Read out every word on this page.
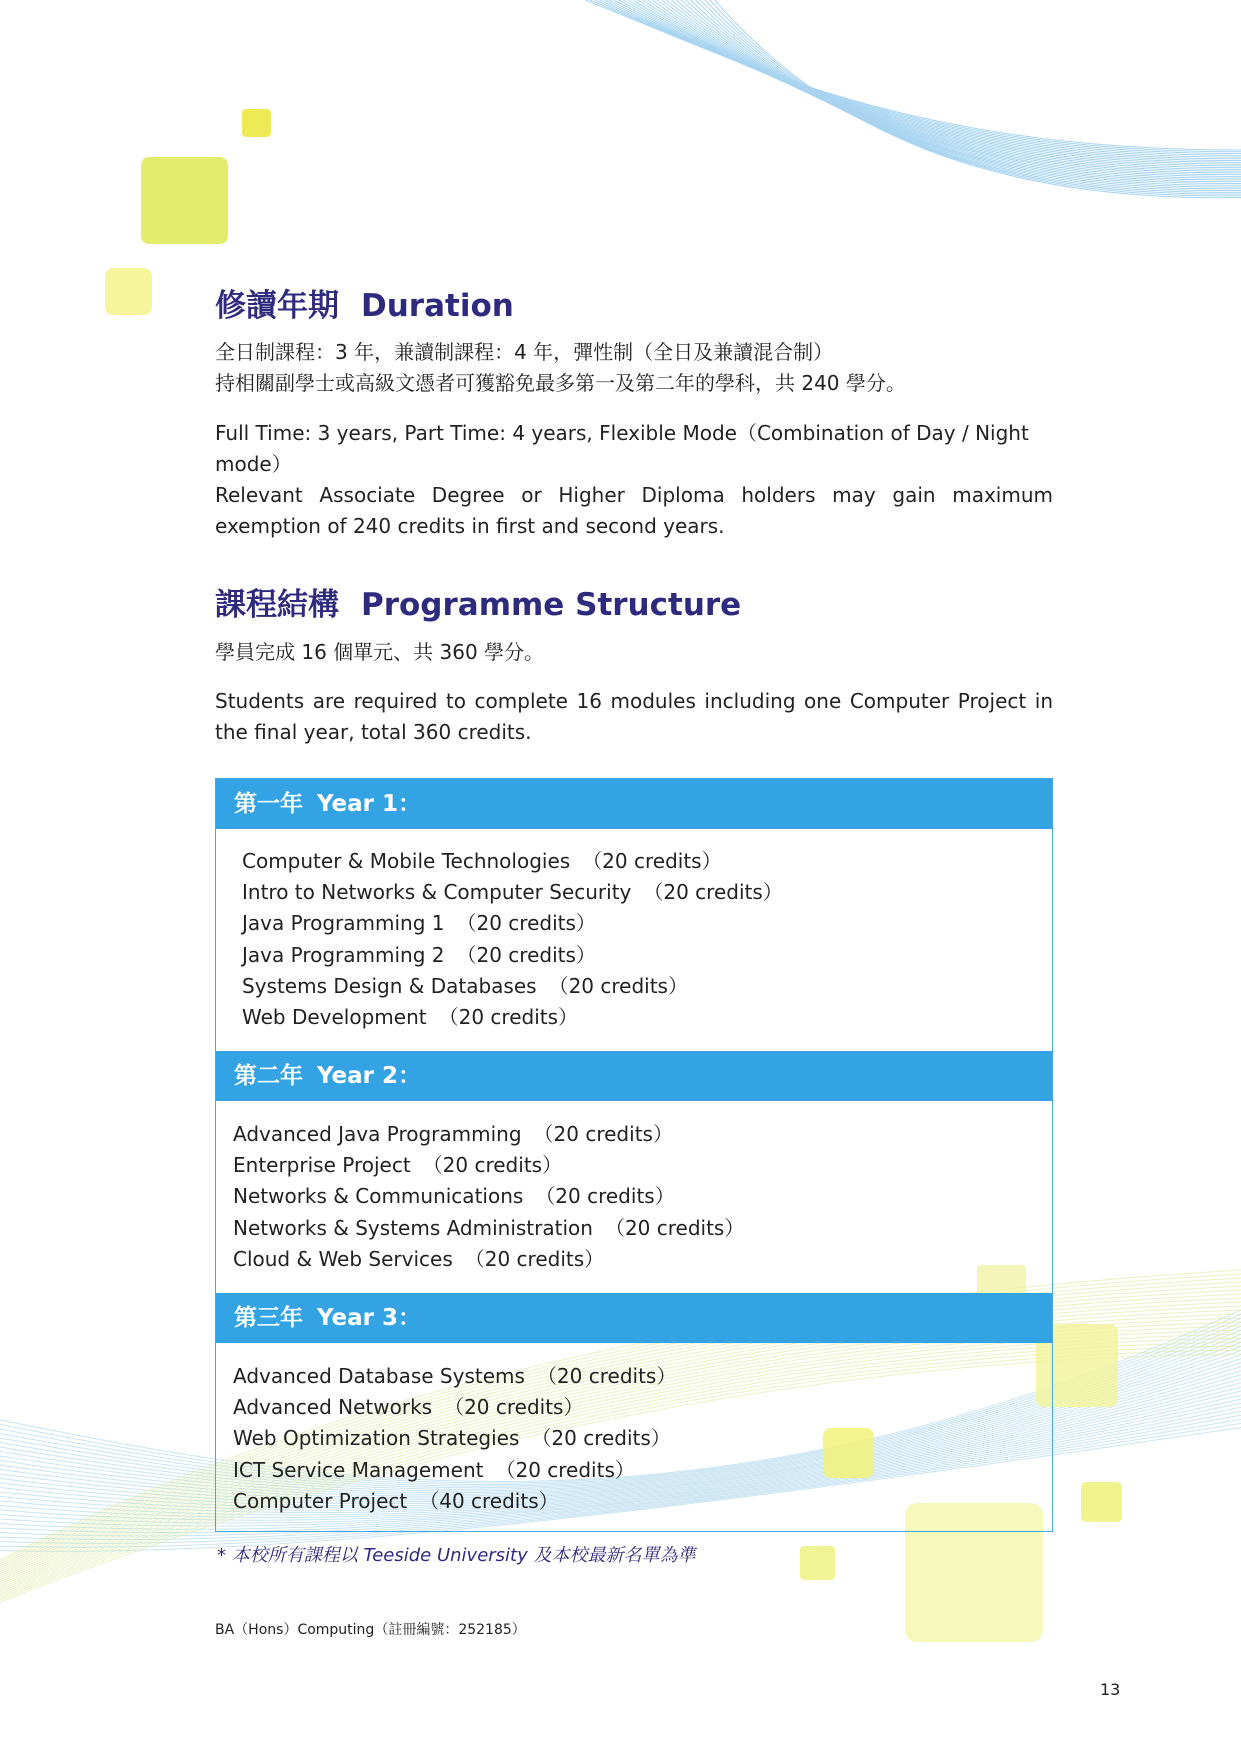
修讀年期 Duration

全日制課程：3 年，兼讀制課程：4 年，彈性制（全日及兼讀混合制）

持相關副學士或高級文憑者可獲豁免最多第一及第二年的學科，共 240 學分。

Full Time: 3 years, Part Time: 4 years, Flexible Mode（Combination of Day / Night mode）

Relevant Associate Degree or Higher Diploma holders may gain maximum exemption of 240 credits in first and second years.

課程結構 Programme Structure

學員完成 16 個單元、共 360 學分。

Students are required to complete 16 modules including one Computer Project in the final year, total 360 credits.

第一年 Year 1：
Computer & Mobile Technologies （20 credits）
Intro to Networks & Computer Security （20 credits）
Java Programming 1 （20 credits）
Java Programming 2 （20 credits）
Systems Design & Databases （20 credits）
Web Development （20 credits）
第二年 Year 2：
Advanced Java Programming （20 credits）
Enterprise Project （20 credits）
Networks & Communications （20 credits）
Networks & Systems Administration （20 credits）
Cloud & Web Services （20 credits）
第三年 Year 3：
Advanced Database Systems （20 credits）
Advanced Networks （20 credits）
Web Optimization Strategies （20 credits）
ICT Service Management （20 credits）
Computer Project （40 credits）
* 本校所有課程以 Teeside University 及本校最新名單為準
BA（Hons）Computing（註冊編號：252185）
13
